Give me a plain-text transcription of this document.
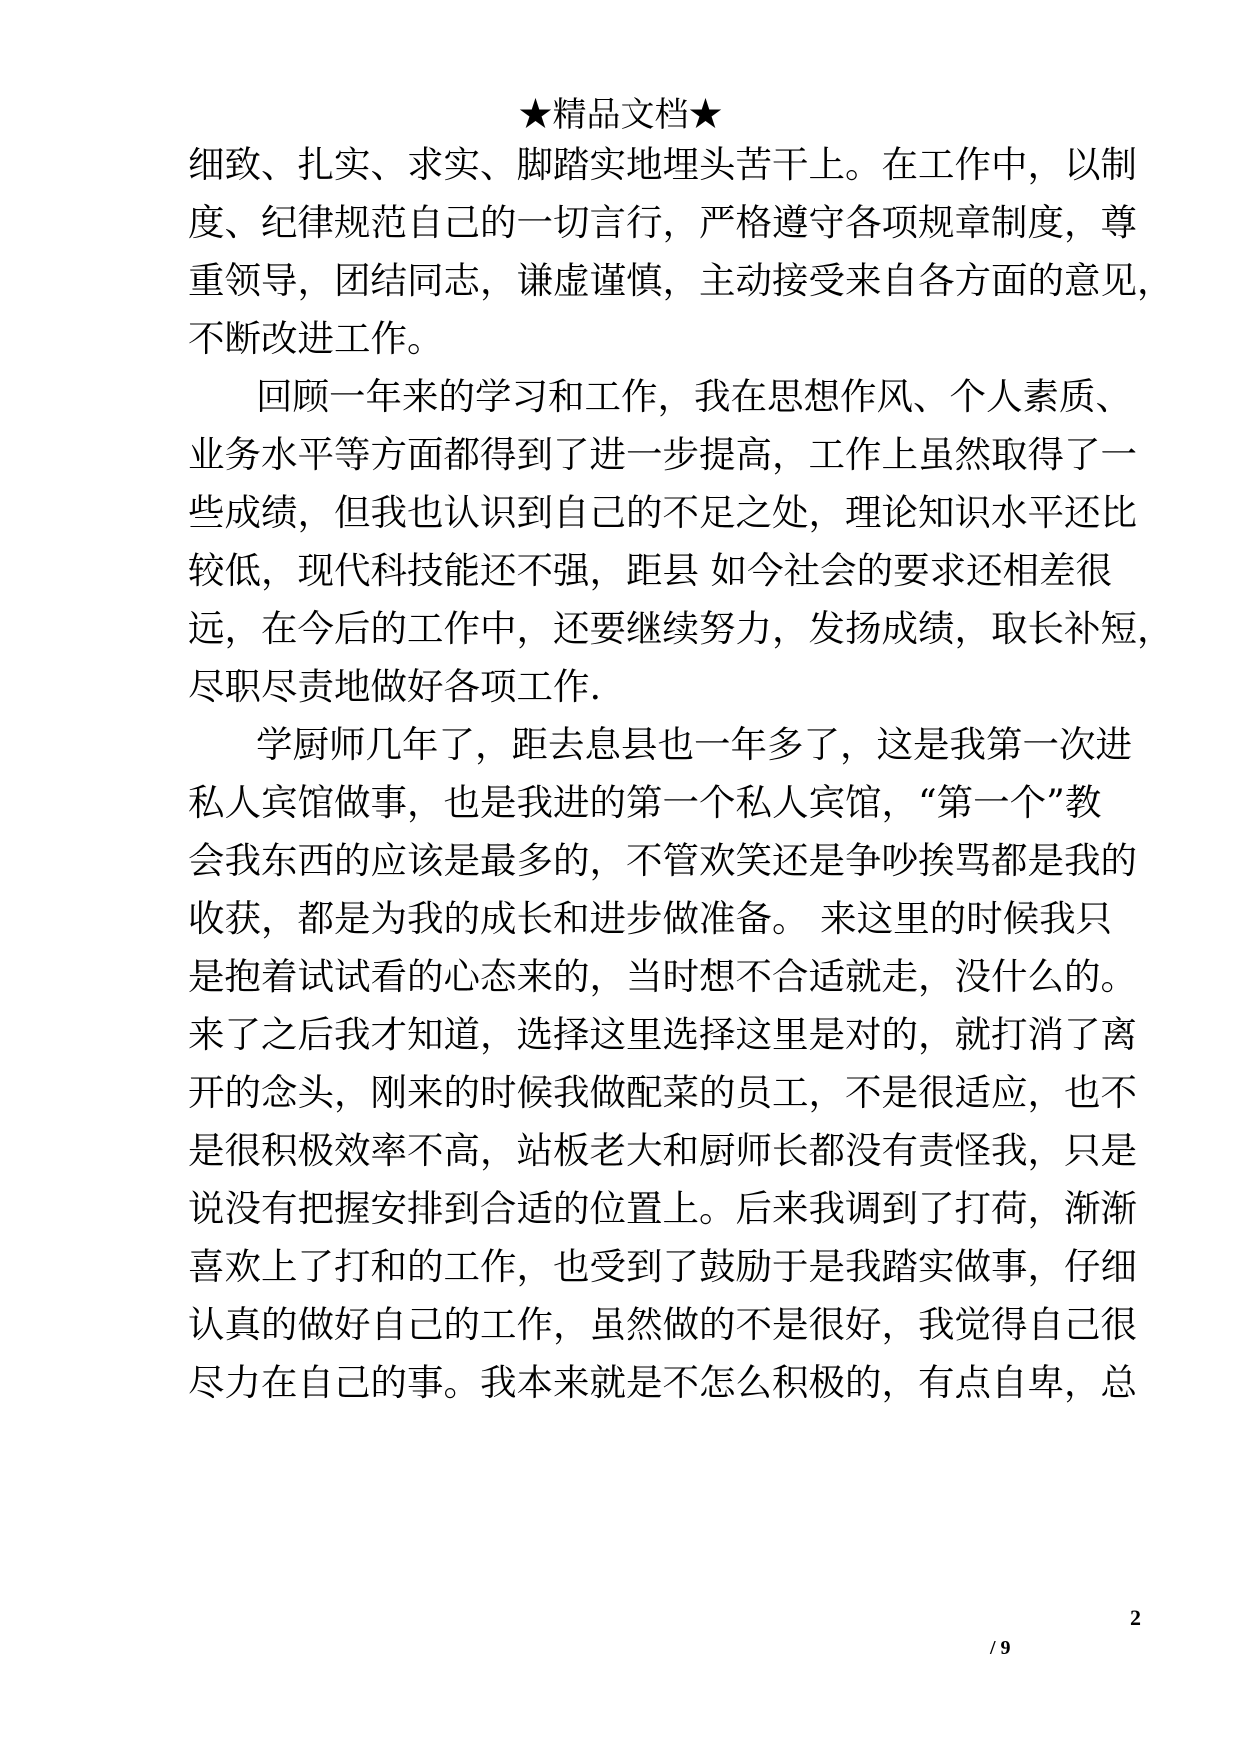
★精品文档★
细致、扎实、求实、脚踏实地埋头苦干上。在工作中，以制
度、纪律规范自己的一切言行，严格遵守各项规章制度，尊
重领导，团结同志，谦虚谨慎，主动接受来自各方面的意见，
不断改进工作。
回顾一年来的学习和工作，我在思想作风、个人素质、
业务水平等方面都得到了进一步提高，工作上虽然取得了一
些成绩，但我也认识到自己的不足之处，理论知识水平还比
较低，现代科技能还不强，距县 如今社会的要求还相差很
远，在今后的工作中，还要继续努力，发扬成绩，取长补短，
尽职尽责地做好各项工作.
学厨师几年了，距去息县也一年多了，这是我第一次进
私人宾馆做事，也是我进的第一个私人宾馆，“第一个”教
会我东西的应该是最多的，不管欢笑还是争吵挨骂都是我的
收获，都是为我的成长和进步做准备。 来这里的时候我只
是抱着试试看的心态来的，当时想不合适就走，没什么的。
来了之后我才知道，选择这里选择这里是对的，就打消了离
开的念头，刚来的时候我做配菜的员工，不是很适应，也不
是很积极效率不高，站板老大和厨师长都没有责怪我，只是
说没有把握安排到合适的位置上。后来我调到了打荷，渐渐
喜欢上了打和的工作，也受到了鼓励于是我踏实做事，仔细
认真的做好自己的工作，虽然做的不是很好，我觉得自己很
尽力在自己的事。我本来就是不怎么积极的，有点自卑，总
2
/ 9
